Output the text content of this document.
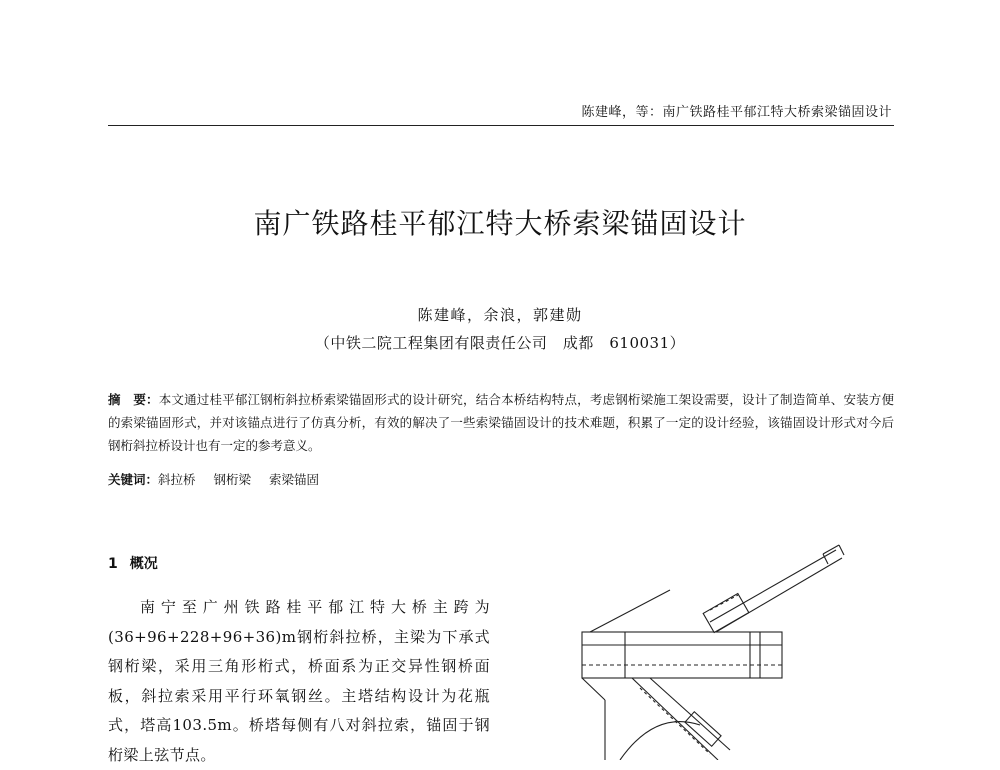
陈建峰，等：南广铁路桂平郁江特大桥索梁锚固设计
南广铁路桂平郁江特大桥索梁锚固设计
陈建峰，余浪，郭建勋
（中铁二院工程集团有限责任公司　成都　610031）
摘　要：本文通过桂平郁江钢桁斜拉桥索梁锚固形式的设计研究，结合本桥结构特点，考虑钢桁梁施工架设需要，设计了制造简单、安装方便的索梁锚固形式，并对该锚点进行了仿真分析，有效的解决了一些索梁锚固设计的技术难题，积累了一定的设计经验，该锚固设计形式对今后钢桁斜拉桥设计也有一定的参考意义。
关键词：斜拉桥 钢桁梁 索梁锚固
1 概况
南宁至广州铁路桂平郁江特大桥主跨为(36+96+228+96+36)m钢桁斜拉桥，主梁为下承式钢桁梁，采用三角形桁式，桥面系为正交异性钢桥面板，斜拉索采用平行环氧钢丝。主塔结构设计为花瓶式，塔高103.5m。桥塔每侧有八对斜拉索，锚固于钢桁梁上弦节点。
